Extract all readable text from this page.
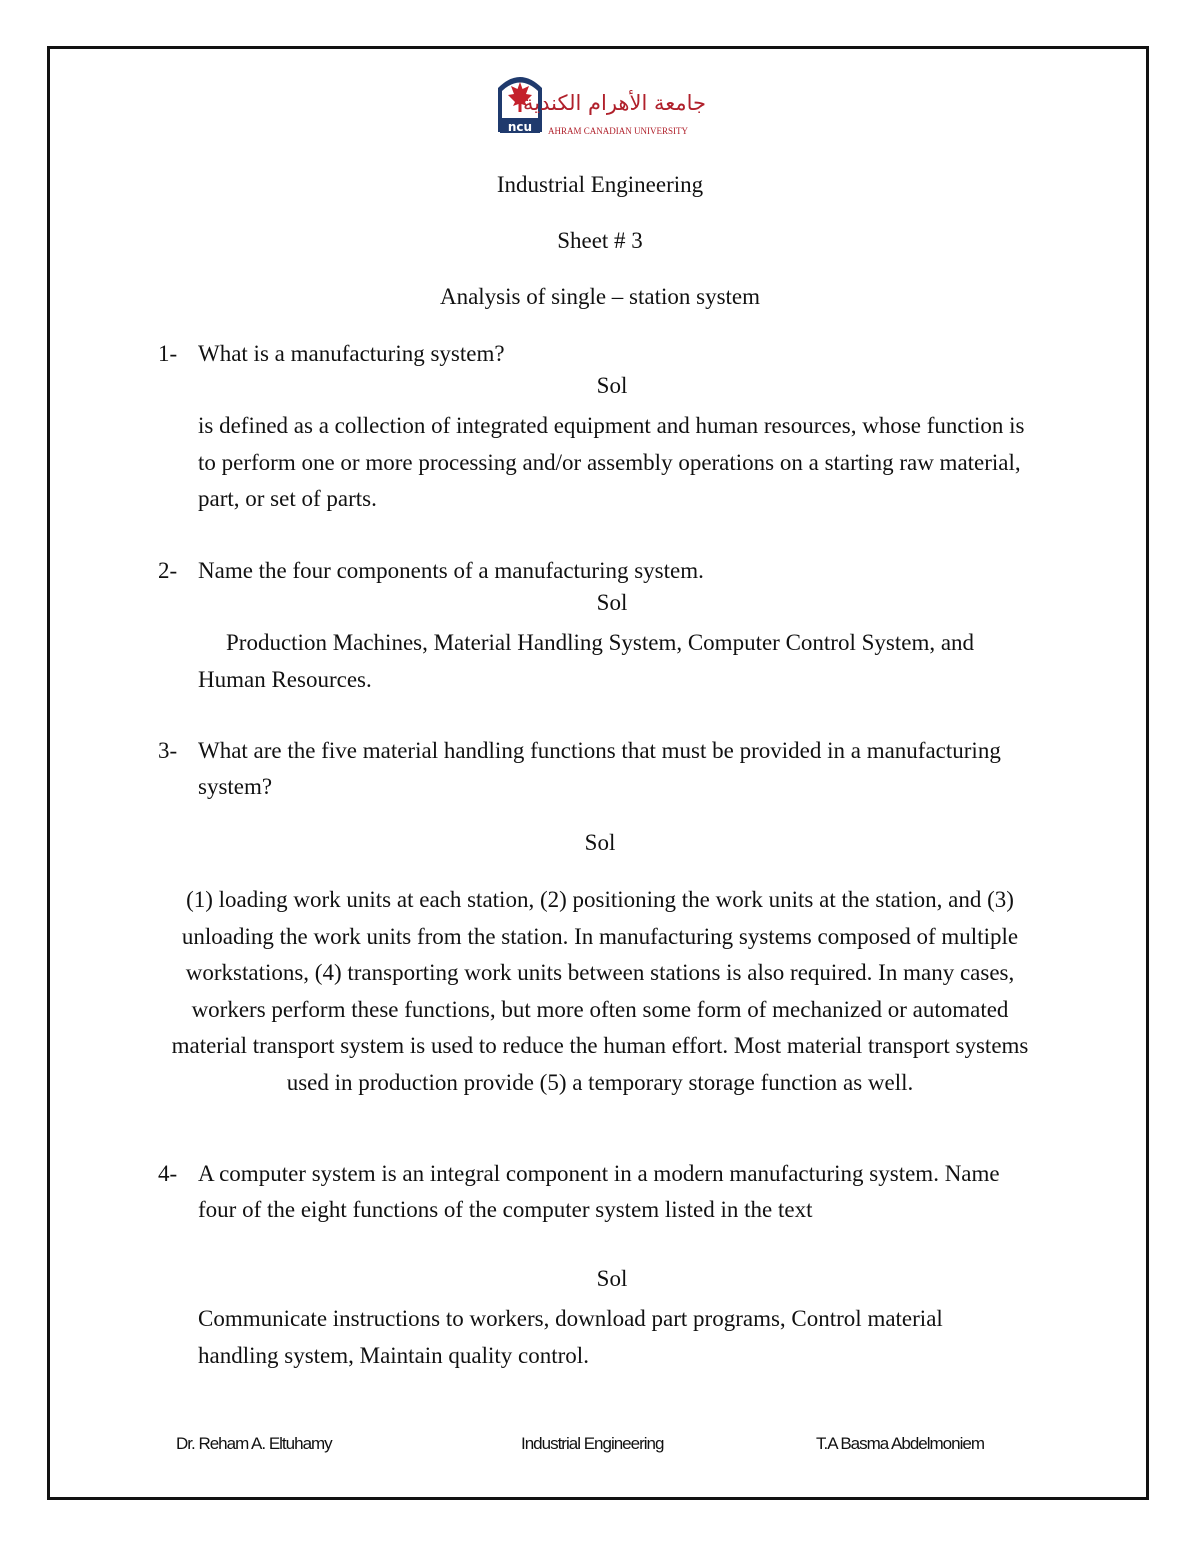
ncu
جامعة الأهرام الكندية
AHRAM CANADIAN UNIVERSITY
Industrial Engineering
Sheet # 3
Analysis of single – station system
1- What is a manufacturing system?
Sol
is defined as a collection of integrated equipment and human resources, whose function is to perform one or more processing and/or assembly operations on a starting raw material, part, or set of parts.
2- Name the four components of a manufacturing system.
Sol
Production Machines, Material Handling System, Computer Control System, and Human Resources.
3- What are the five material handling functions that must be provided in a manufacturing system?
Sol
(1) loading work units at each station, (2) positioning the work units at the station, and (3) unloading the work units from the station. In manufacturing systems composed of multiple workstations, (4) transporting work units between stations is also required. In many cases, workers perform these functions, but more often some form of mechanized or automated material transport system is used to reduce the human effort. Most material transport systems used in production provide (5) a temporary storage function as well.
4- A computer system is an integral component in a modern manufacturing system. Name four of the eight functions of the computer system listed in the text
Sol
Communicate instructions to workers, download part programs, Control material handling system, Maintain quality control.
Dr. Reham A. Eltuhamy	Industrial Engineering	T.A Basma Abdelmoniem
